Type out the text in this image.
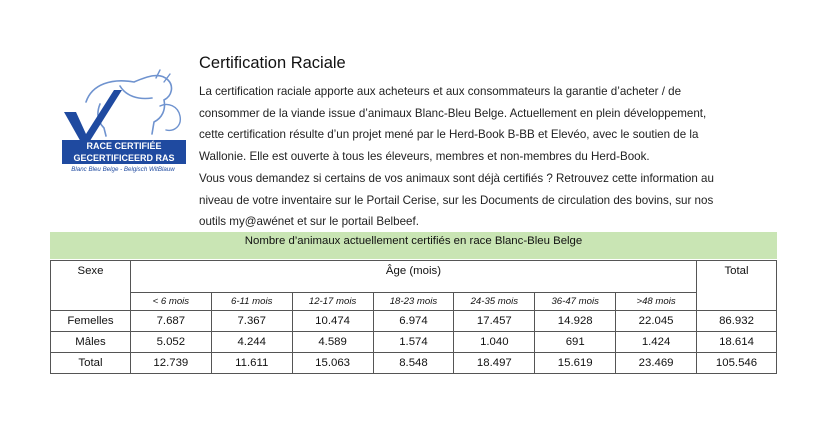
RACE CERTIFIÉE
GECERTIFICEERD RAS
Blanc Bleu Belge - Belgisch WitBlauw
Certification Raciale
La certification raciale apporte aux acheteurs et aux consommateurs la garantie d’acheter / de
consommer de la viande issue d’animaux Blanc-Bleu Belge. Actuellement en plein développement,
cette certification résulte d’un projet mené par le Herd-Book B-BB et Elevéo, avec le soutien de la
Wallonie. Elle est ouverte à tous les éleveurs, membres et non-membres du Herd-Book.
Vous vous demandez si certains de vos animaux sont déjà certifiés ? Retrouvez cette information au
niveau de votre inventaire sur le Portail Cerise, sur les Documents de circulation des bovins, sur nos
outils my@awénet et sur le portail Belbeef.
Nombre d’animaux actuellement certifiés en race Blanc-Bleu Belge
Sexe	Âge (mois)							Total
	< 6 mois	6-11 mois	12-17 mois	18-23 mois	24-35 mois	36-47 mois	>48 mois	
Femelles	7.687	7.367	10.474	6.974	17.457	14.928	22.045	86.932
Mâles	5.052	4.244	4.589	1.574	1.040	691	1.424	18.614
Total	12.739	11.611	15.063	8.548	18.497	15.619	23.469	105.546
